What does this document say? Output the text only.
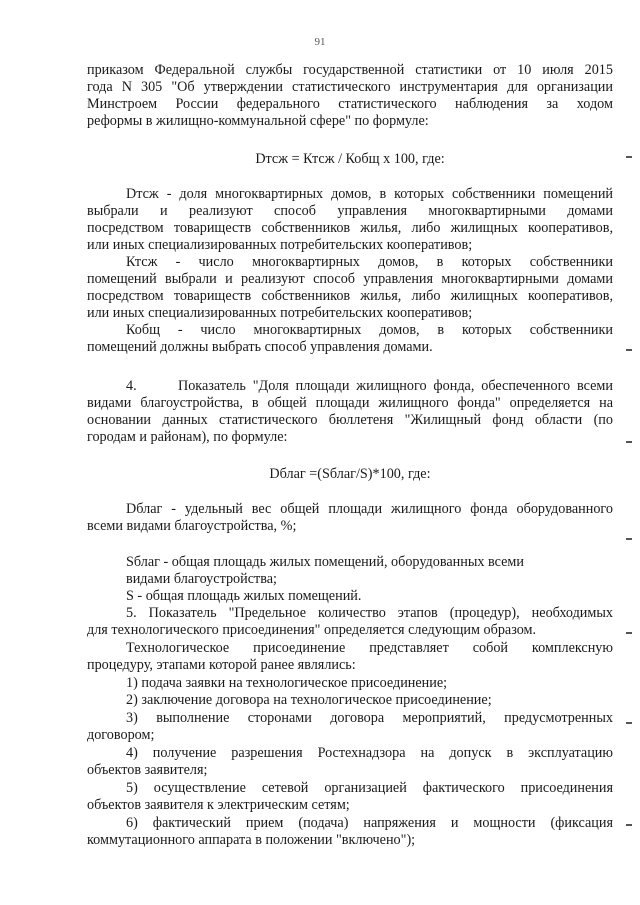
91

приказом Федеральной службы государственной статистики от 10 июля 2015

года N 305 "Об утверждении статистического инструментария для организации

Минстроем России федерального статистического наблюдения за ходом

реформы в жилищно-коммунальной сфере" по формуле:

Dтсж = Ктсж / Кобщ х 100, где:

Dтсж - доля многоквартирных домов, в которых собственники помещений

выбрали и реализуют способ управления многоквартирными домами

посредством товариществ собственников жилья, либо жилищных кооперативов,

или иных специализированных потребительских кооперативов;

Ктсж - число многоквартирных домов, в которых собственники

помещений выбрали и реализуют способ управления многоквартирными домами

посредством товариществ собственников жилья, либо жилищных кооперативов,

или иных специализированных потребительских кооперативов;

Кобщ - число многоквартирных домов, в которых собственники

помещений должны выбрать способ управления домами.

4.      Показатель "Доля площади жилищного фонда, обеспеченного всеми

видами благоустройства, в общей площади жилищного фонда" определяется на

основании данных статистического бюллетеня "Жилищный фонд области (по

городам и районам), по формуле:

Dблаг =(Sблаг/S)*100, где:

Dблаг - удельный вес общей площади жилищного фонда оборудованного

всеми видами благоустройства, %;

Sблаг - общая площадь жилых помещений, оборудованных всеми

видами благоустройства;

S - общая площадь жилых помещений.

5. Показатель "Предельное количество этапов (процедур), необходимых

для технологического присоединения" определяется следующим образом.

Технологическое присоединение представляет собой комплексную

процедуру, этапами которой ранее являлись:

1) подача заявки на технологическое присоединение;

2) заключение договора на технологическое присоединение;

3) выполнение сторонами договора мероприятий, предусмотренных

договором;

4) получение разрешения Ростехнадзора на допуск в эксплуатацию

объектов заявителя;

5) осуществление сетевой организацией фактического присоединения

объектов заявителя к электрическим сетям;

6) фактический прием (подача) напряжения и мощности (фиксация

коммутационного аппарата в положении "включено");
